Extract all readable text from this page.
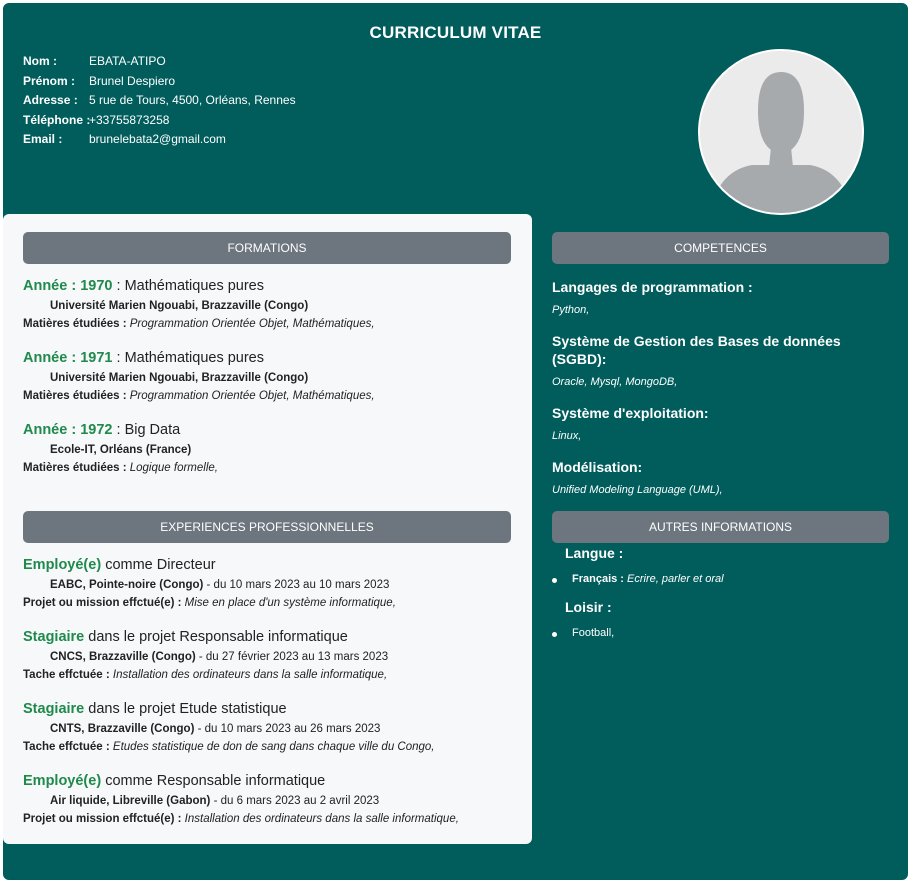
CURRICULUM VITAE
Nom :	EBATA-ATIPO
Prénom : Brunel Despiero
Adresse : 5 rue de Tours, 4500, Orléans, Rennes
Téléphone :
+33755873258
Email : brunelebata2@gmail.com
FORMATIONS
Année : 1970 : Mathématiques pures
Université Marien Ngouabi, Brazzaville (Congo)
Matières étudiées : Programmation Orientée Objet, Mathématiques,
Année : 1971 : Mathématiques pures
Université Marien Ngouabi, Brazzaville (Congo)
Matières étudiées : Programmation Orientée Objet, Mathématiques,
Année : 1972 : Big Data
Ecole-IT, Orléans (France)
Matières étudiées : Logique formelle,
EXPERIENCES PROFESSIONNELLES
Employé(e) comme Directeur
EABC, Pointe-noire (Congo) - du 10 mars 2023 au 10 mars 2023
Projet ou mission effctué(e) : Mise en place d'un système informatique,
Stagiaire dans le projet Responsable informatique
CNCS, Brazzaville (Congo) - du 27 février 2023 au 13 mars 2023
Tache effctuée : Installation des ordinateurs dans la salle informatique,
Stagiaire dans le projet Etude statistique
CNTS, Brazzaville (Congo) - du 10 mars 2023 au 26 mars 2023
Tache effctuée : Etudes statistique de don de sang dans chaque ville du Congo,
Employé(e) comme Responsable informatique
Air liquide, Libreville (Gabon) - du 6 mars 2023 au 2 avril 2023
Projet ou mission effctué(e) : Installation des ordinateurs dans la salle informatique,
COMPETENCES
Langages de programmation :
Python,
Système de Gestion des Bases de données (SGBD):
Oracle, Mysql, MongoDB,
Système d'exploitation:
Linux,
Modélisation:
Unified Modeling Language (UML),
AUTRES INFORMATIONS
Langue :
Français : Ecrire, parler et oral
Loisir :
Football,
